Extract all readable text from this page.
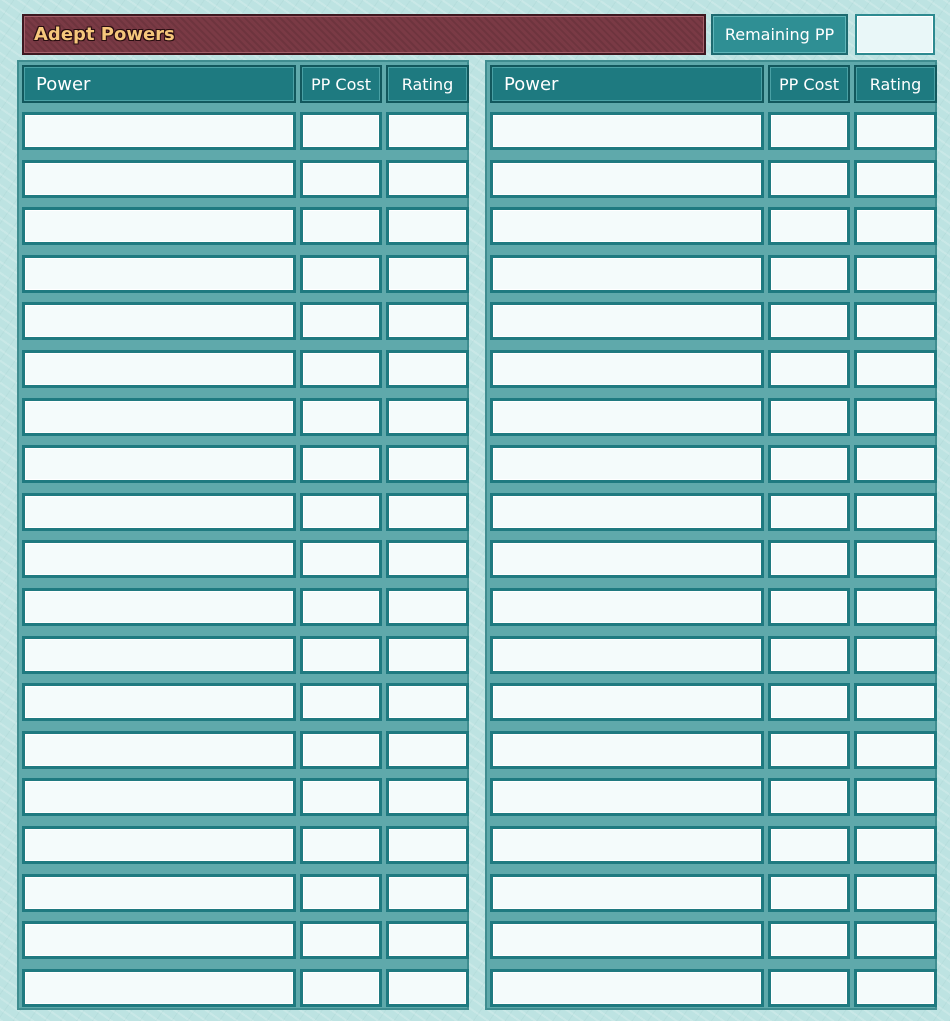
Adept Powers	Remaining PP
Power	PP Cost	Rating	Power	PP Cost	Rating
